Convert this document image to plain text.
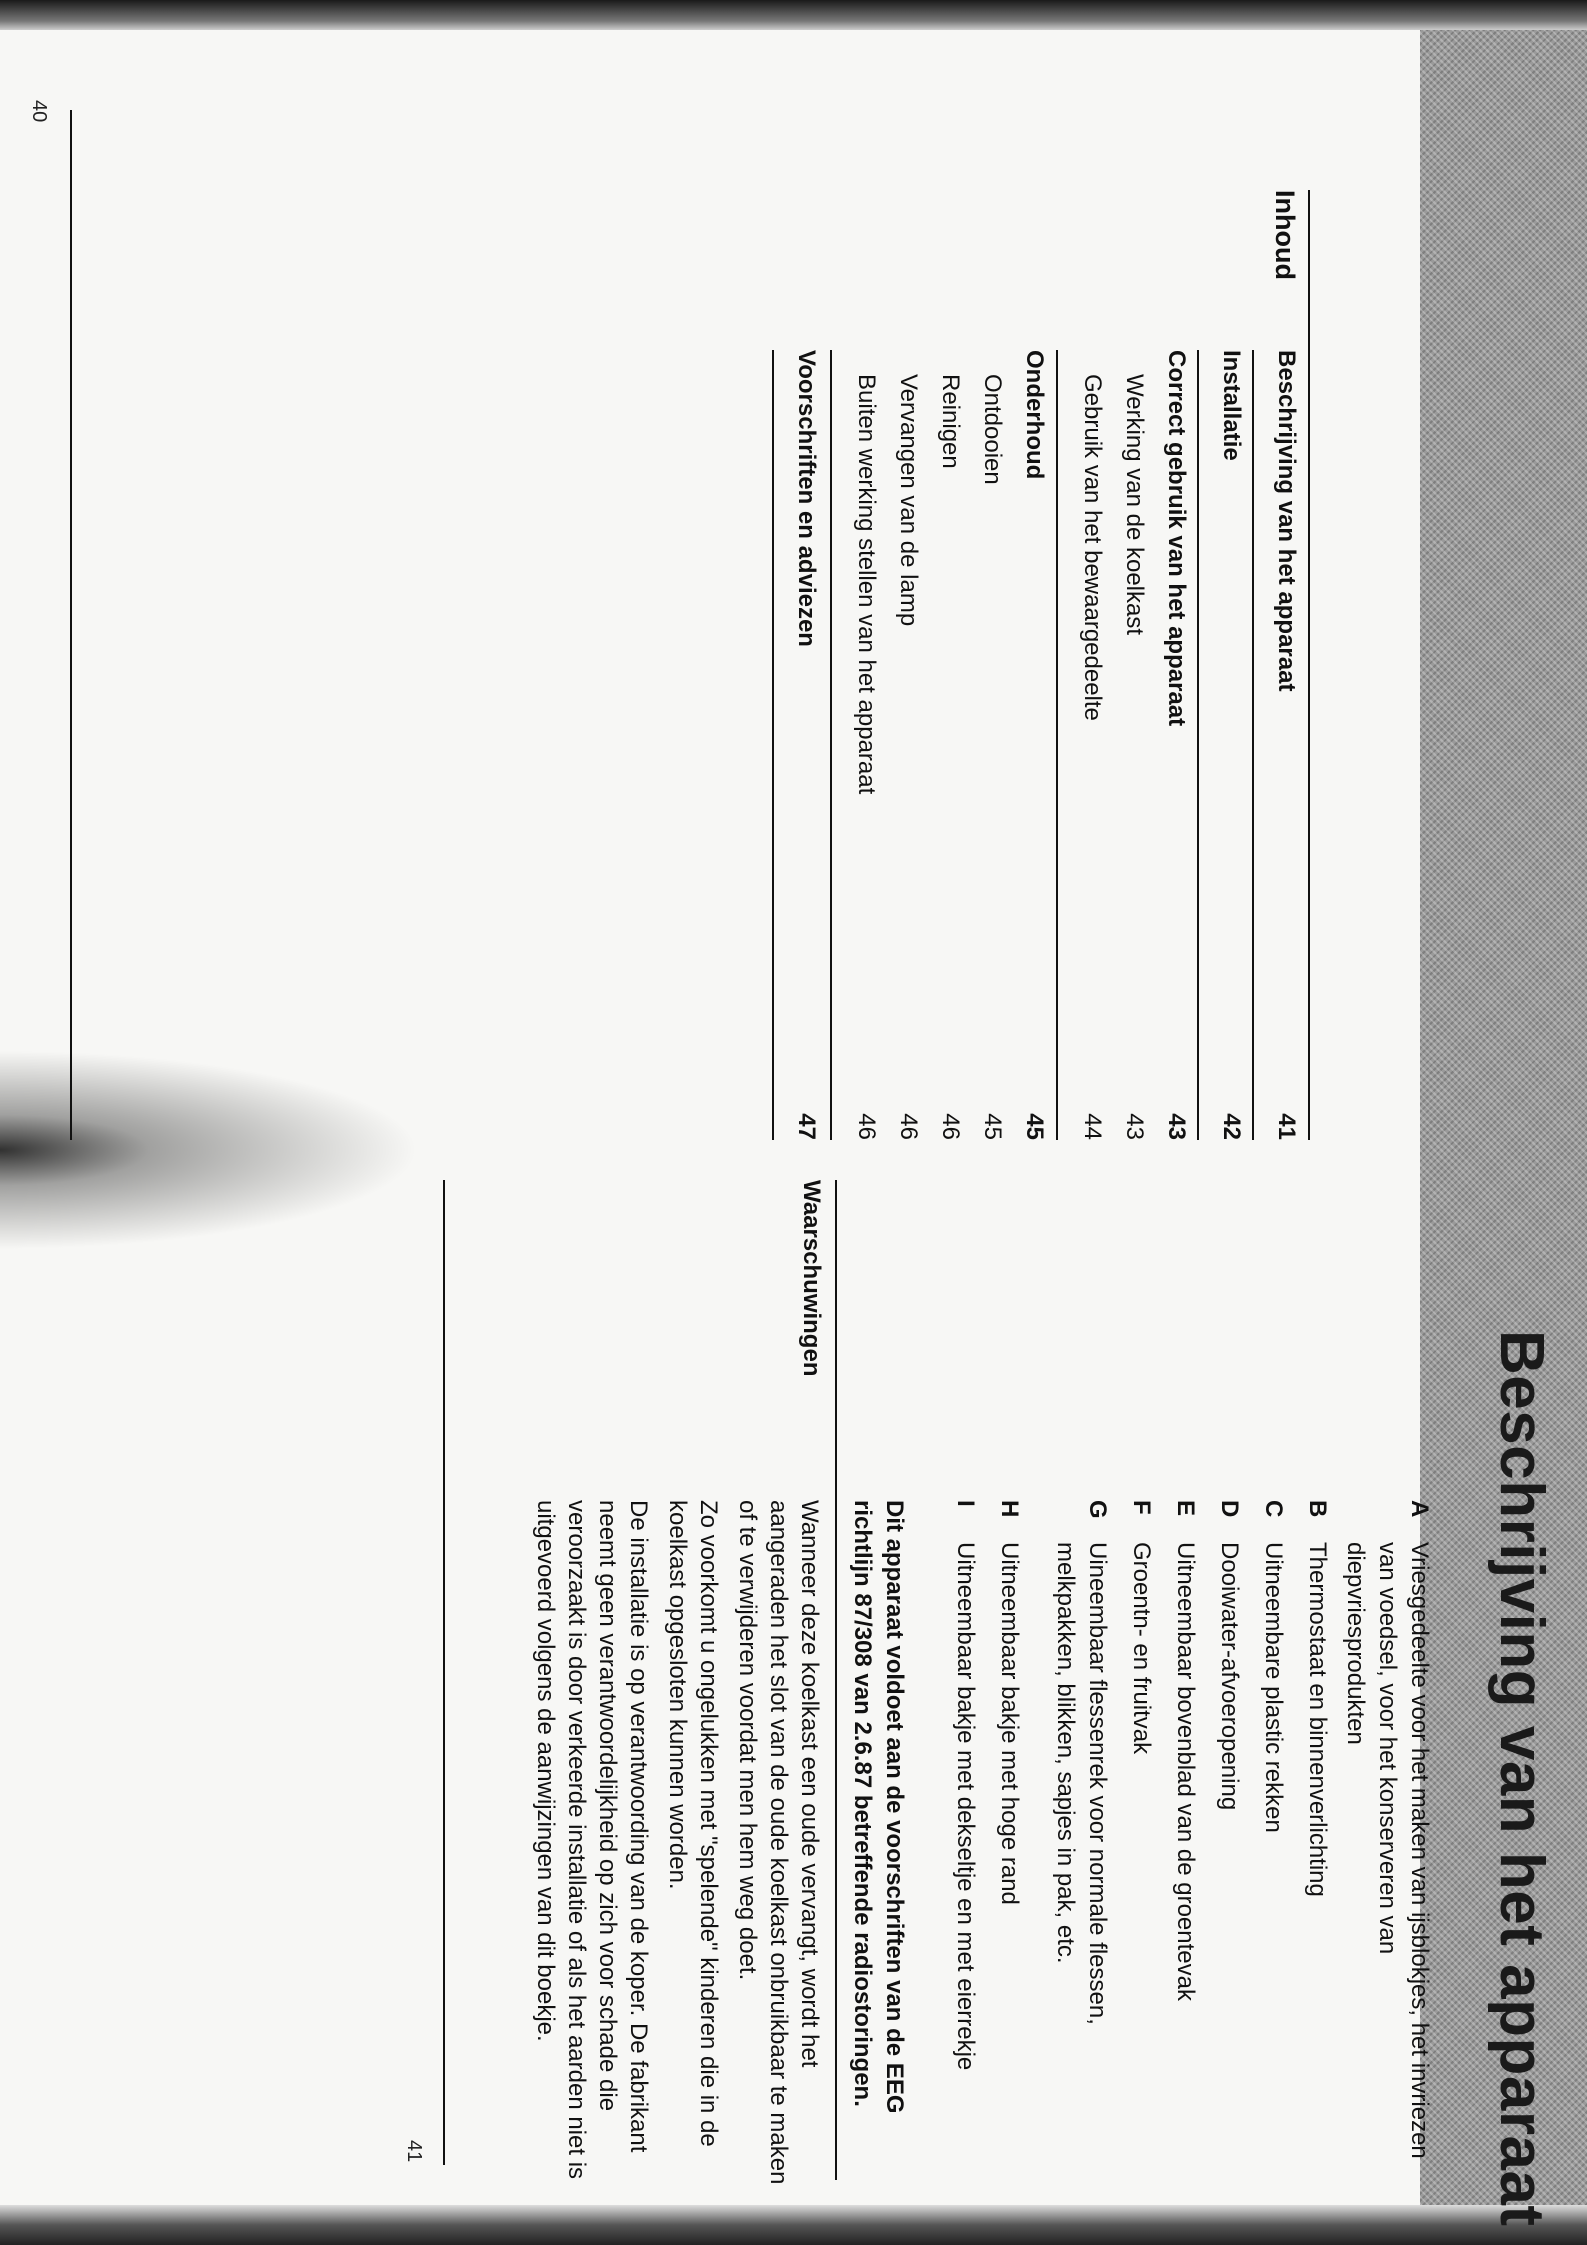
Inhoud
Beschrijving van het apparaat
41
Installatie
42
Correct gebruik van het apparaat
43
Werking van de koelkast
43
Gebruik van het bewaargedeelte
44
Onderhoud
45
Ontdooien
45
Reinigen
46
Vervangen van de lamp
46
Buiten werking stellen van het apparaat
46
Voorschriften en adviezen
47
40
Beschrijving van het apparaat
A
Vriesgedeelte voor het maken van ijsblokjes, het invriezen van voedsel, voor het konserveren van diepvriesprodukten
B
Thermostaat en binnenverlichting
C
Uitneembare plastic rekken
D
Dooiwater-afvoeropening
E
Uitneembaar bovenblad van de groentevak
F
Groentn- en fruitvak
G
Uineembaar flessenrek voor normale flessen, melkpakken, blikken, sapjes in pak, etc.
H
Uitneembaar bakje met hoge rand
I
Uitneembaar bakje met dekseltje en met eierrekje
Dit apparaat voldoet aan de voorschriften van de EEG richtlijn 87/308 van 2.6.87 betreffende radiostoringen.
Waarschuwingen

Wanneer deze koelkast een oude vervangt, wordt het aangeraden het slot van de oude koelkast onbruikbaar te maken of te verwijderen voordat men hem weg doet.

Zo voorkomt u ongelukken met "spelende" kinderen die in de koelkast opgesloten kunnen worden.

De installatie is op verantwoording van de koper. De fabrikant neemt geen verantwoordelijkheid op zich voor schade die veroorzaakt is door verkeerde installatie of als het aarden niet is uitgevoerd volgens de aanwijzingen van dit boekje.

41
